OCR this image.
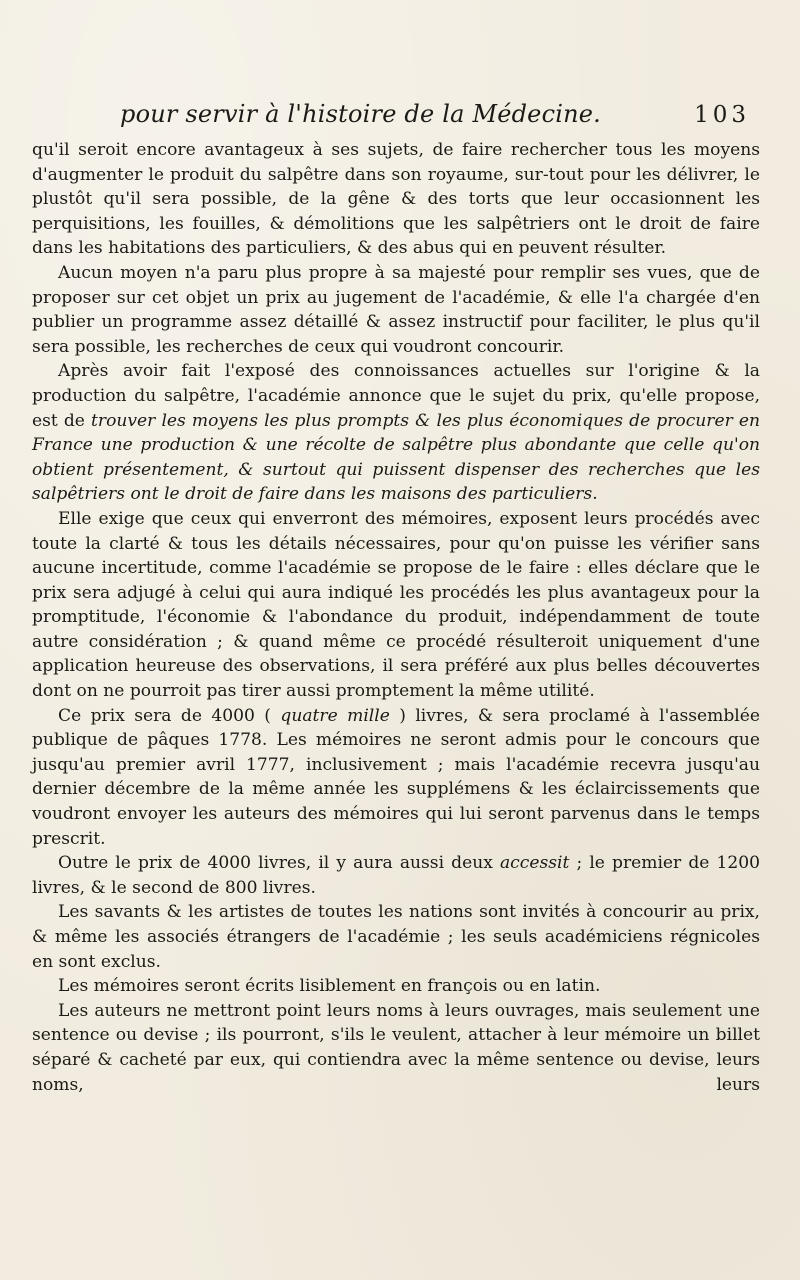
pour servir à l'histoire de la Médecine.	103

qu'il seroit encore avantageux à ses sujets, de faire rechercher tous les moyens d'augmenter le produit du salpêtre dans son royaume, sur-tout pour les délivrer, le plustôt qu'il sera possible, de la gêne & des torts que leur occasionnent les perquisitions, les fouilles, & démolitions que les salpêtriers ont le droit de faire dans les habitations des particuliers, & des abus qui en peuvent résulter.

Aucun moyen n'a paru plus propre à sa majesté pour remplir ses vues, que de proposer sur cet objet un prix au jugement de l'académie, & elle l'a chargée d'en publier un programme assez détaillé & assez instructif pour faciliter, le plus qu'il sera possible, les recherches de ceux qui voudront concourir.

Après avoir fait l'exposé des connoissances actuelles sur l'origine & la production du salpêtre, l'académie annonce que le sujet du prix, qu'elle propose, est de trouver les moyens les plus prompts & les plus économiques de procurer en France une production & une récolte de salpêtre plus abondante que celle qu'on obtient présentement, & surtout qui puissent dispenser des recherches que les salpêtriers ont le droit de faire dans les maisons des particuliers.

Elle exige que ceux qui enverront des mémoires, exposent leurs procédés avec toute la clarté & tous les détails nécessaires, pour qu'on puisse les vérifier sans aucune incertitude, comme l'académie se propose de le faire : elles déclare que le prix sera adjugé à celui qui aura indiqué les procédés les plus avantageux pour la promptitude, l'économie & l'abondance du produit, indépendamment de toute autre considération ; & quand même ce procédé résulteroit uniquement d'une application heureuse des observations, il sera préféré aux plus belles découvertes dont on ne pourroit pas tirer aussi promptement la même utilité.

Ce prix sera de 4000 ( quatre mille ) livres, & sera proclamé à l'assemblée publique de pâques 1778. Les mémoires ne seront admis pour le concours que jusqu'au premier avril 1777, inclusivement ; mais l'académie recevra jusqu'au dernier décembre de la même année les supplémens & les éclaircissements que voudront envoyer les auteurs des mémoires qui lui seront parvenus dans le temps prescrit.

Outre le prix de 4000 livres, il y aura aussi deux accessit ; le premier de 1200 livres, & le second de 800 livres.

Les savants & les artistes de toutes les nations sont invités à concourir au prix, & même les associés étrangers de l'académie ; les seuls académiciens régnicoles en sont exclus.

Les mémoires seront écrits lisiblement en françois ou en latin.

Les auteurs ne mettront point leurs noms à leurs ouvrages, mais seulement une sentence ou devise ; ils pourront, s'ils le veulent, attacher à leur mémoire un billet séparé & cacheté par eux, qui contiendra avec la même sentence ou devise, leurs noms, leurs
